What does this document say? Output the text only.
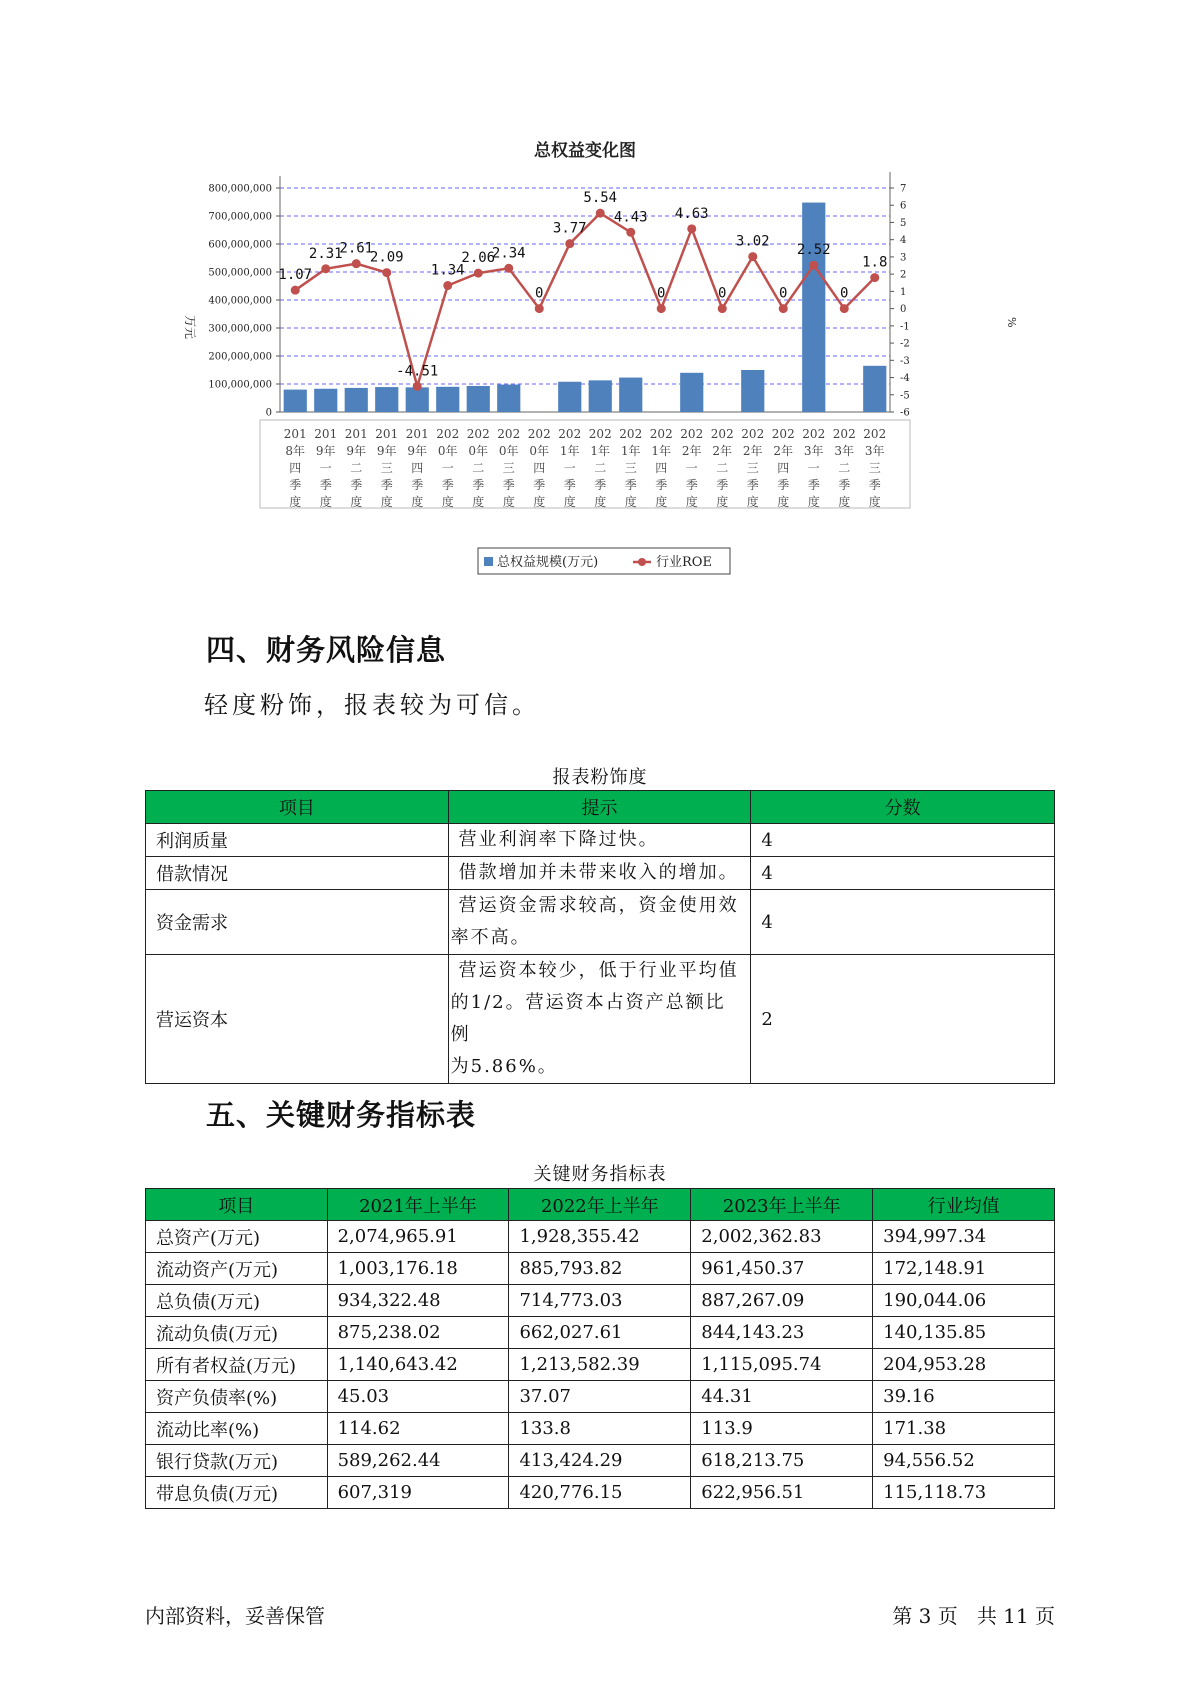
总权益变化图
0
100,000,000
200,000,000
300,000,000
400,000,000
500,000,000
600,000,000
700,000,000
800,000,000
-6
-5
-4
-3
-2
-1
0
1
2
3
4
5
6
7
万元	%
1.07
2.31
2.61
2.09
-4.51
1.34
2.06
2.34
0
3.77
5.54
4.43
0
4.63
0
3.02
0
2.52
0
1.8
201
8年
四
季
度
201
9年
一
季
度
201
9年
二
季
度
201
9年
三
季
度
201
9年
四
季
度
202
0年
一
季
度
202
0年
二
季
度
202
0年
三
季
度
202
0年
四
季
度
202
1年
一
季
度
202
1年
二
季
度
202
1年
三
季
度
202
1年
四
季
度
202
2年
一
季
度
202
2年
二
季
度
202
2年
三
季
度
202
2年
四
季
度
202
3年
一
季
度
202
3年
二
季
度
202
3年
三
季
度
总权益规模(万元)	行业ROE
四、财务风险信息
轻度粉饰，报表较为可信。
报表粉饰度
项目	提示	分数
利润质量	营业利润率下降过快。	4
借款情况	借款增加并未带来收入的增加。	4
资金需求	营运资金需求较高，资金使用效
率不高。	4
营运资本	营运资本较少，低于行业平均值
的1/2。营运资本占资产总额比例
为5.86%。	2
五、关键财务指标表
关键财务指标表
项目	2021年上半年	2022年上半年	2023年上半年	行业均值
总资产(万元)	2,074,965.91	1,928,355.42	2,002,362.83	394,997.34
流动资产(万元)	1,003,176.18	885,793.82	961,450.37	172,148.91
总负债(万元)	934,322.48	714,773.03	887,267.09	190,044.06
流动负债(万元)	875,238.02	662,027.61	844,143.23	140,135.85
所有者权益(万元)	1,140,643.42	1,213,582.39	1,115,095.74	204,953.28
资产负债率(%)	45.03	37.07	44.31	39.16
流动比率(%)	114.62	133.8	113.9	171.38
银行贷款(万元)	589,262.44	413,424.29	618,213.75	94,556.52
带息负债(万元)	607,319	420,776.15	622,956.51	115,118.73
内部资料，妥善保管	第 3 页   共 11 页
